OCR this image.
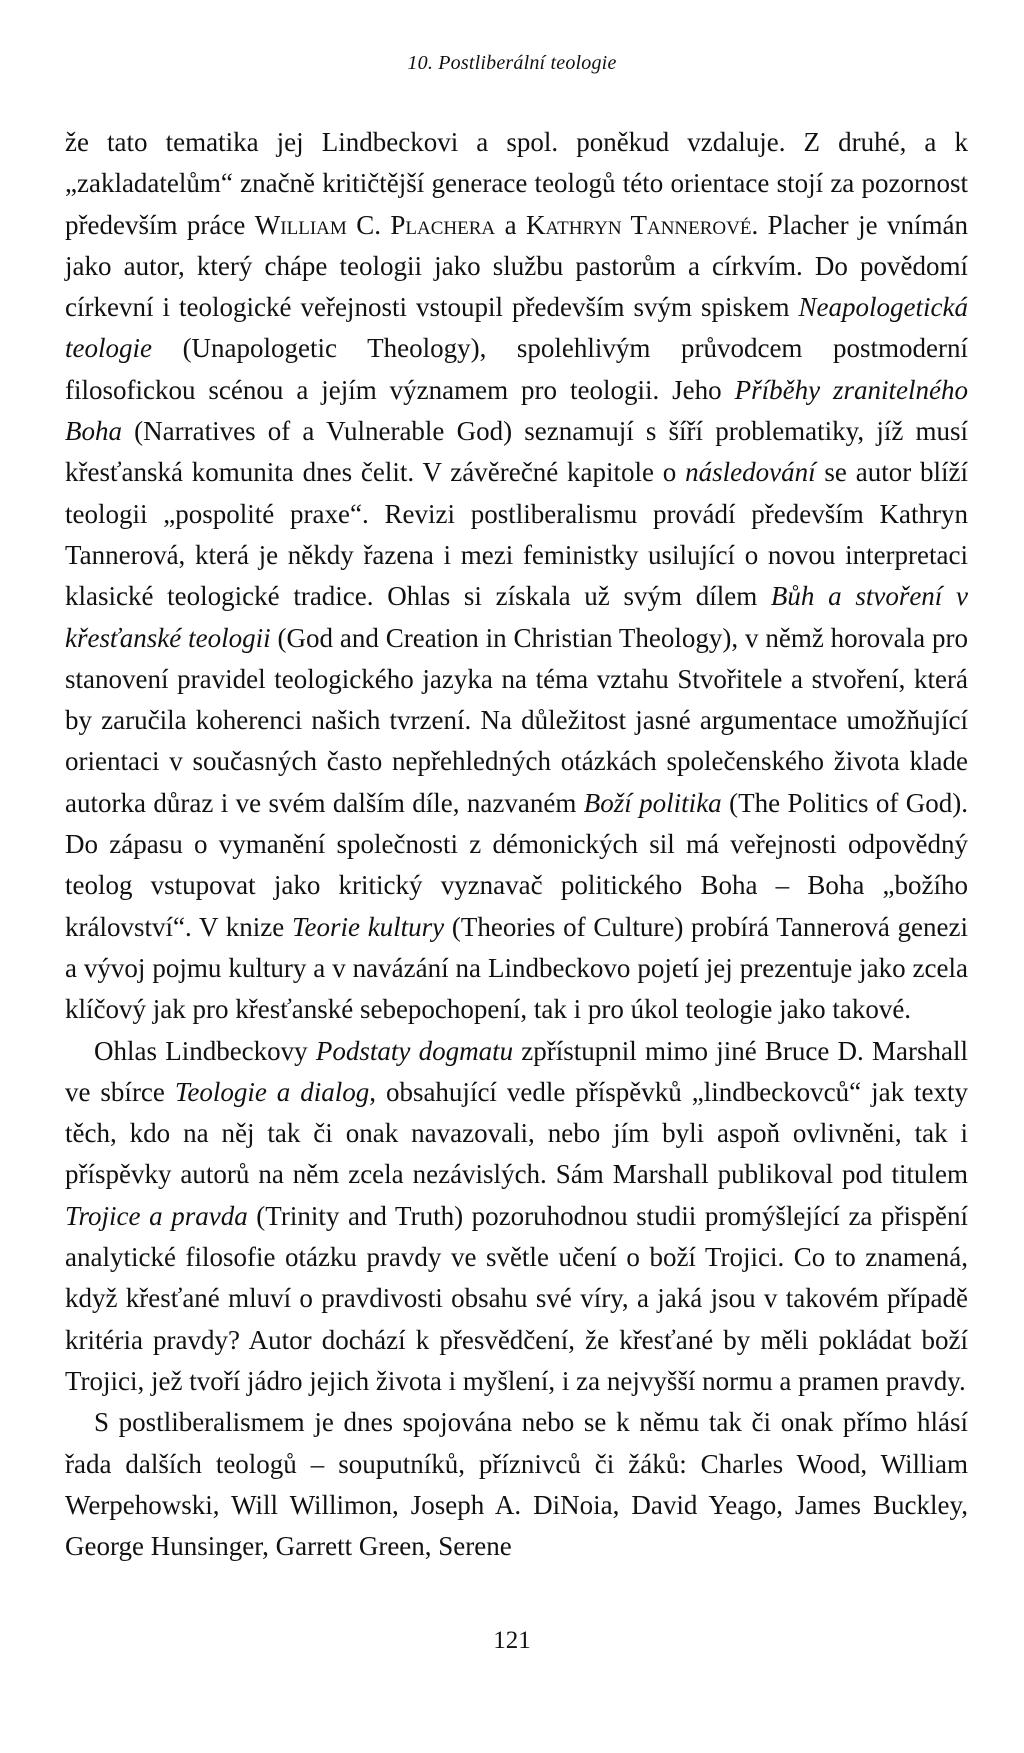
10. Postliberální teologie

že tato tematika jej Lindbeckovi a spol. poněkud vzdaluje. Z druhé, a k „zakladatelům“ značně kritičtější generace teologů této orientace stojí za pozornost především práce William C. Plachera a Kathryn Tannerové. Placher je vnímán jako autor, který chápe teologii jako službu pastorům a církvím. Do povědomí církevní i teologické veřejnosti vstoupil především svým spiskem Neapologetická teologie (Unapologetic Theology), spolehlivým průvodcem postmoderní filosofickou scénou a jejím významem pro teologii. Jeho Příběhy zranitelného Boha (Narratives of a Vulnerable God) seznamují s šíří problematiky, jíž musí křesťanská komunita dnes čelit. V závěrečné kapitole o následování se autor blíží teologii „pospolité praxe“. Revizi postliberalismu provádí především Kathryn Tannerová, která je někdy řazena i mezi feministky usilující o novou interpretaci klasické teologické tradice. Ohlas si získala už svým dílem Bůh a stvoření v křesťanské teologii (God and Creation in Christian Theology), v němž horovala pro stanovení pravidel teologického jazyka na téma vztahu Stvořitele a stvoření, která by zaručila koherenci našich tvrzení. Na důležitost jasné argumentace umožňující orientaci v současných často nepřehledných otázkách společenského života klade autorka důraz i ve svém dalším díle, nazvaném Boží politika (The Politics of God). Do zápasu o vymanění společnosti z démonických sil má veřejnosti odpovědný teolog vstupovat jako kritický vyznavač politického Boha – Boha „božího království“. V knize Teorie kultury (Theories of Culture) probírá Tannerová genezi a vývoj pojmu kultury a v navázání na Lindbeckovo pojetí jej prezentuje jako zcela klíčový jak pro křesťanské sebepochopení, tak i pro úkol teologie jako takové.

Ohlas Lindbeckovy Podstaty dogmatu zpřístupnil mimo jiné Bruce D. Marshall ve sbírce Teologie a dialog, obsahující vedle příspěvků „lindbeckovců“ jak texty těch, kdo na něj tak či onak navazovali, nebo jím byli aspoň ovlivněni, tak i příspěvky autorů na něm zcela nezávislých. Sám Marshall publikoval pod titulem Trojice a pravda (Trinity and Truth) pozoruhodnou studii promýšlející za přispění analytické filosofie otázku pravdy ve světle učení o boží Trojici. Co to znamená, když křesťané mluví o pravdivosti obsahu své víry, a jaká jsou v takovém případě kritéria pravdy? Autor dochází k přesvědčení, že křesťané by měli pokládat boží Trojici, jež tvoří jádro jejich života i myšlení, i za nejvyšší normu a pramen pravdy.

S postliberalismem je dnes spojována nebo se k němu tak či onak přímo hlásí řada dalších teologů – souputníků, příznivců či žáků: Charles Wood, William Werpehowski, Will Willimon, Joseph A. DiNoia, David Yeago, James Buckley, George Hunsinger, Garrett Green, Serene

121
